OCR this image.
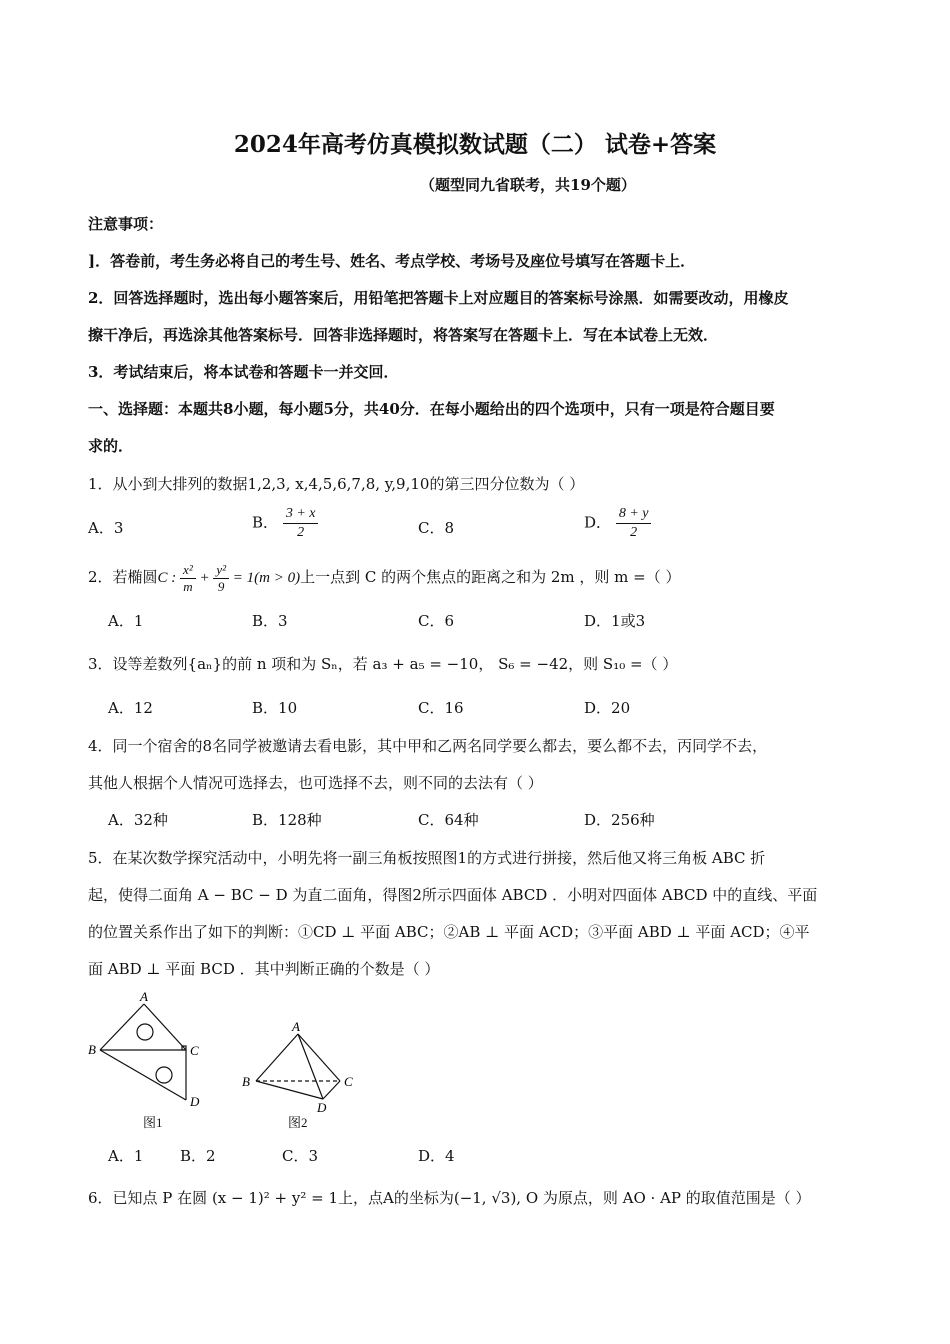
2024年高考仿真模拟数试题（二） 试卷+答案
（题型同九省联考，共19个题）
注意事项：
]．答卷前，考生务必将自己的考生号、姓名、考点学校、考场号及座位号填写在答题卡上．
2．回答选择题时，选出每小题答案后，用铅笔把答题卡上对应题目的答案标号涂黑．如需要改动，用橡皮
擦干净后，再选涂其他答案标号．回答非选择题时，将答案写在答题卡上．写在本试卷上无效．
3．考试结束后，将本试卷和答题卡一并交回．
一、选择题：本题共8小题，每小题5分，共40分．在每小题给出的四个选项中，只有一项是符合题目要
求的．
1．从小到大排列的数据1,2,3, x,4,5,6,7,8, y,9,10的第三四分位数为（ ）
A．3	B． $\frac{3 + x}{2}$	C．8	D． $\frac{8 + y}{2}$
2．若椭圆C : $\frac{\text{x²}}{m} + \frac{\text{y²}}{9} = 1(m > 0)$上一点到 C 的两个焦点的距离之和为 2m ，则 m =（ ）
A．1	B．3	C．6	D．1或3
3．设等差数列{aₙ}的前 n 项和为 Sₙ，若 a₃ + a₅ = −10， S₆ = −42，则 S₁₀ =（ ）
A．12	B．10	C．16	D．20
4．同一个宿舍的8名同学被邀请去看电影，其中甲和乙两名同学要么都去，要么都不去，丙同学不去，
其他人根据个人情况可选择去，也可选择不去，则不同的去法有（ ）
A．32种	B．128种	C．64种	D．256种
5．在某次数学探究活动中，小明先将一副三角板按照图1的方式进行拼接，然后他又将三角板 ABC 折
起，使得二面角 A − BC − D 为直二面角，得图2所示四面体 ABCD ．小明对四面体 ABCD 中的直线、平面
的位置关系作出了如下的判断：①CD ⊥ 平面 ABC；②AB ⊥ 平面 ACD；③平面 ABD ⊥ 平面 ACD；④平
面 ABD ⊥ 平面 BCD ．其中判断正确的个数是（ ）
A
B	C
D
图1
A
B	C
D
图2
A．1 B．2	C．3	D．4
6．已知点 P 在圆 (x − 1)² + y² = 1上，点A的坐标为(−1, √3), O 为原点，则 AO · AP 的取值范围是（ ）
